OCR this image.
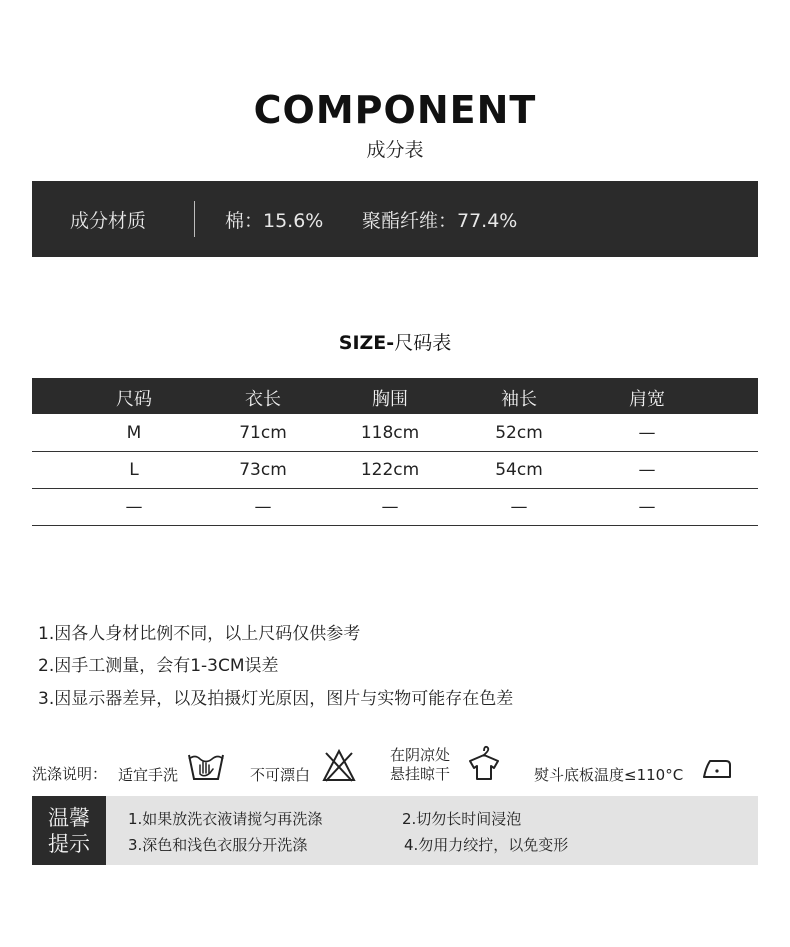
COMPONENT
成分表
成分材质	棉：15.6% 聚酯纤维：77.4%
SIZE-尺码表
尺码	衣长	胸围	袖长	肩宽
M	71cm	118cm	52cm	—
L	73cm	122cm	54cm	—
—	—	—	—	—
1.因各人身材比例不同，以上尺码仅供参考
2.因手工测量，会有1-3CM误差
3.因显示器差异，以及拍摄灯光原因，图片与实物可能存在色差
洗涤说明： 适宜手洗	不可漂白
在阴凉处
悬挂晾干	熨斗底板温度≤110°C
温馨
提示
1.如果放洗衣液请搅匀再洗涤	2.切勿长时间浸泡
3.深色和浅色衣服分开洗涤	4.勿用力绞拧，以免变形
